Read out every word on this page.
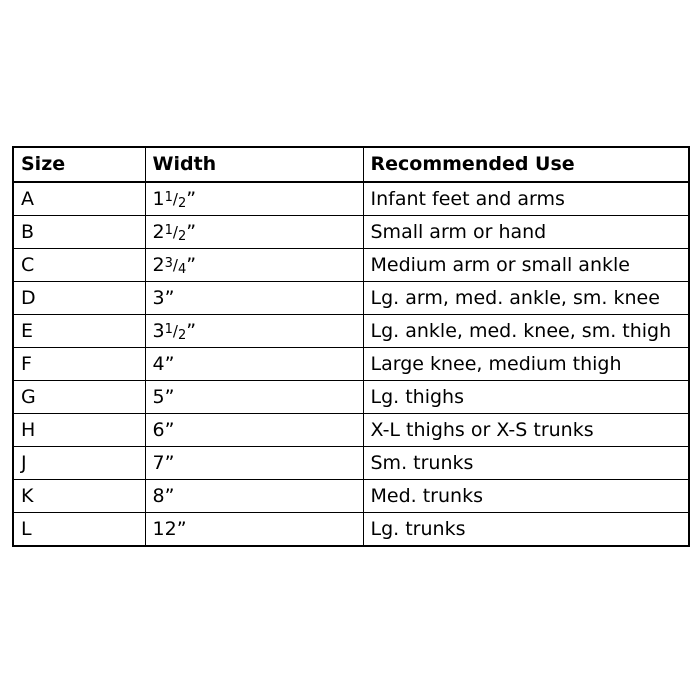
Size	Width	Recommended Use
A	11/2”	Infant feet and arms
B	21/2”	Small arm or hand
C	23/4”	Medium arm or small ankle
D	3”	Lg. arm, med. ankle, sm. knee
E	31/2”	Lg. ankle, med. knee, sm. thigh
F	4”	Large knee, medium thigh
G	5”	Lg. thighs
H	6”	X-L thighs or X-S trunks
J	7”	Sm. trunks
K	8”	Med. trunks
L	12”	Lg. trunks
